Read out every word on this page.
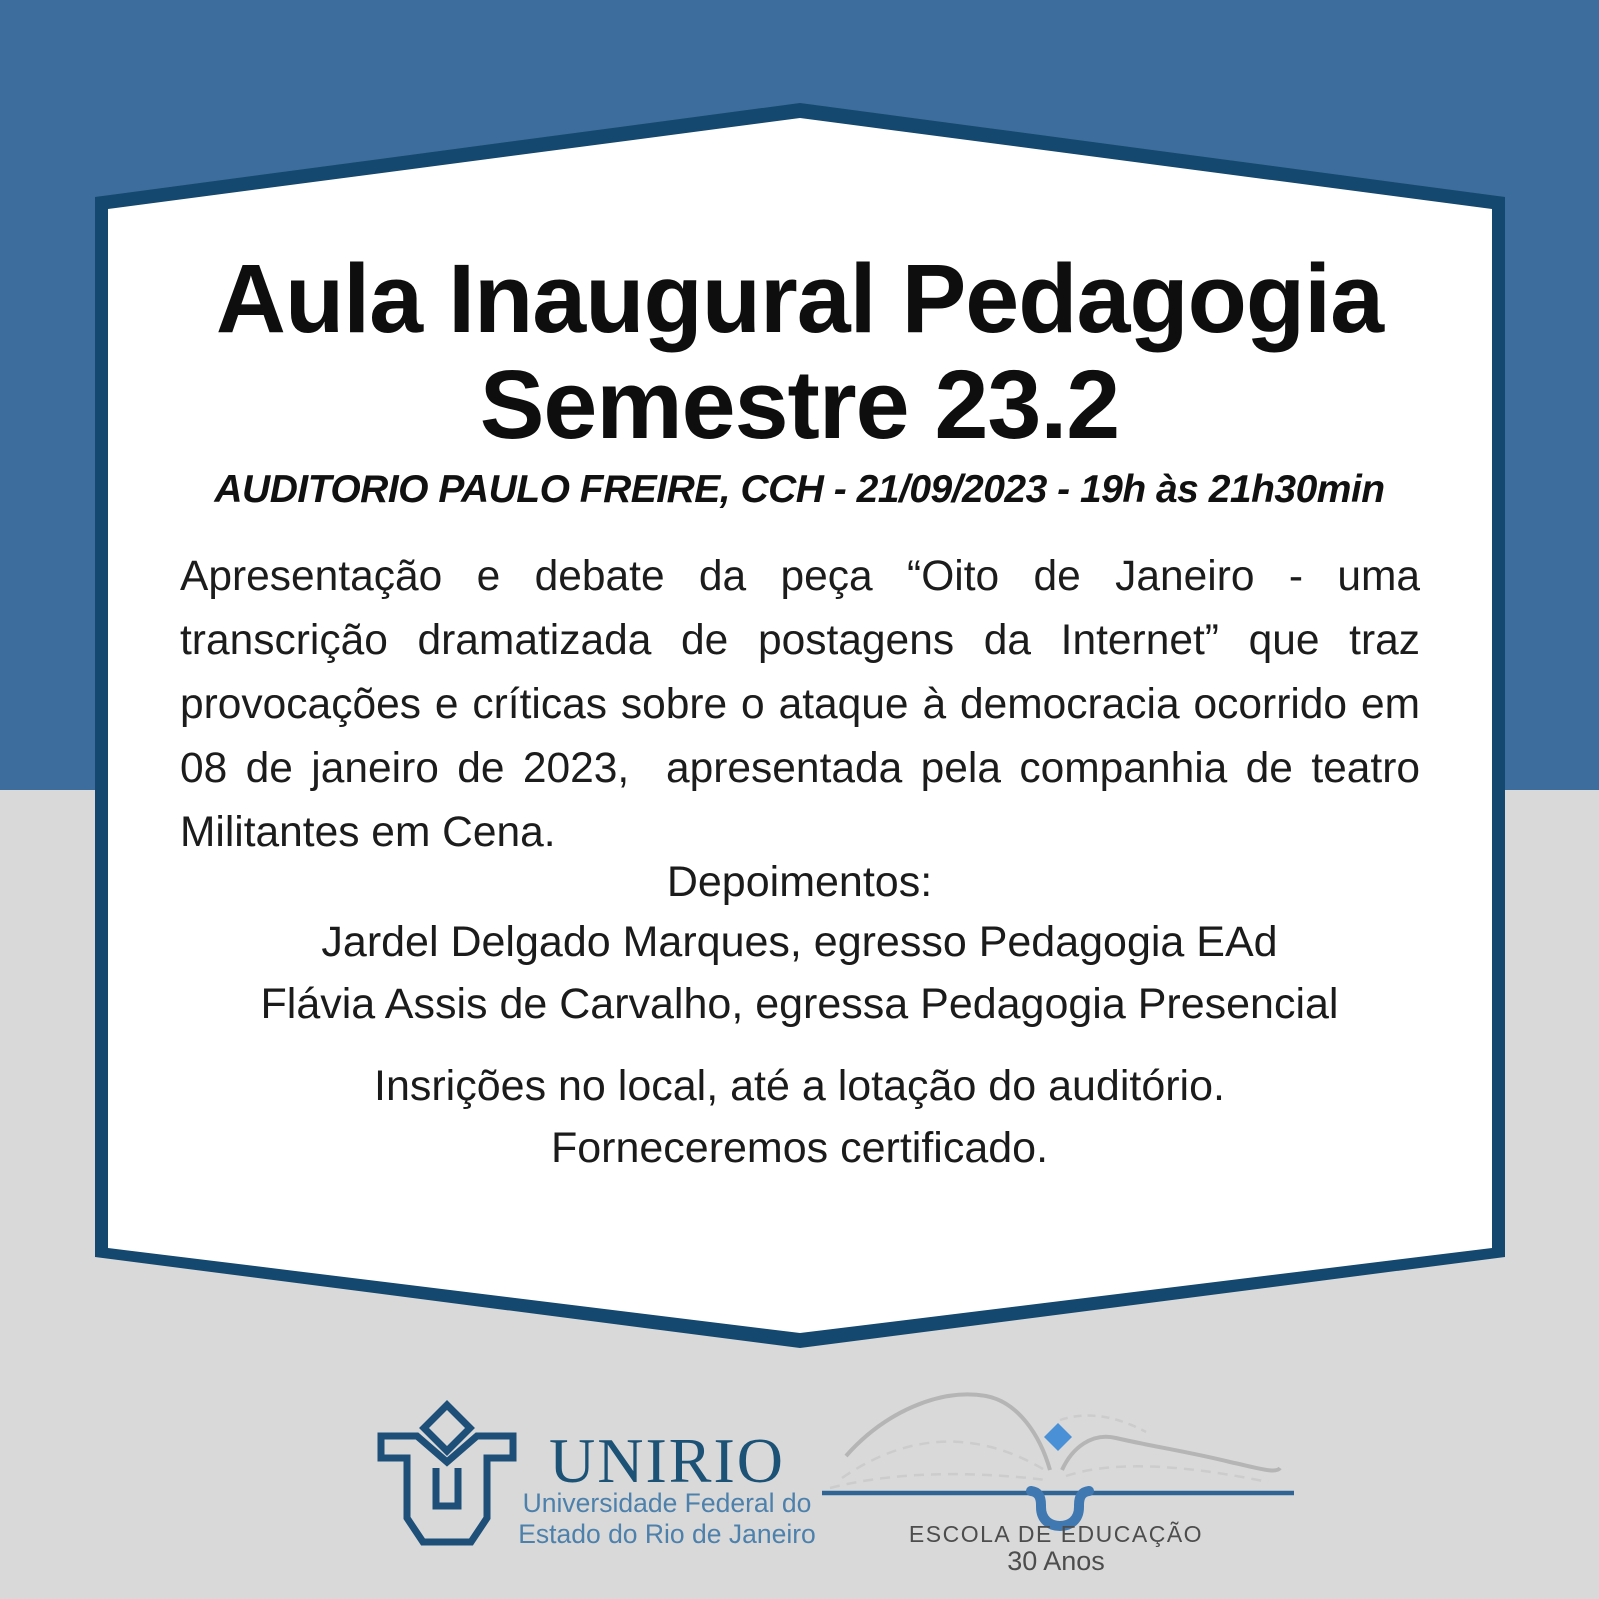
Aula Inaugural Pedagogia
Semestre 23.2
AUDITORIO PAULO FREIRE, CCH - 21/09/2023 - 19h às 21h30min
Apresentação e debate da peça “Oito de Janeiro - uma
transcrição dramatizada de postagens da Internet” que traz
provocações e críticas sobre o ataque à democracia ocorrido em
08 de janeiro de 2023,  apresentada pela companhia de teatro
Militantes em Cena.
Depoimentos:
Jardel Delgado Marques, egresso Pedagogia EAd
Flávia Assis de Carvalho, egressa Pedagogia Presencial
Insrições no local, até a lotação do auditório.
Forneceremos certificado.
UNIRIO
Universidade Federal do
Estado do Rio de Janeiro	ESCOLA DE EDUCAÇÃO
30 Anos
